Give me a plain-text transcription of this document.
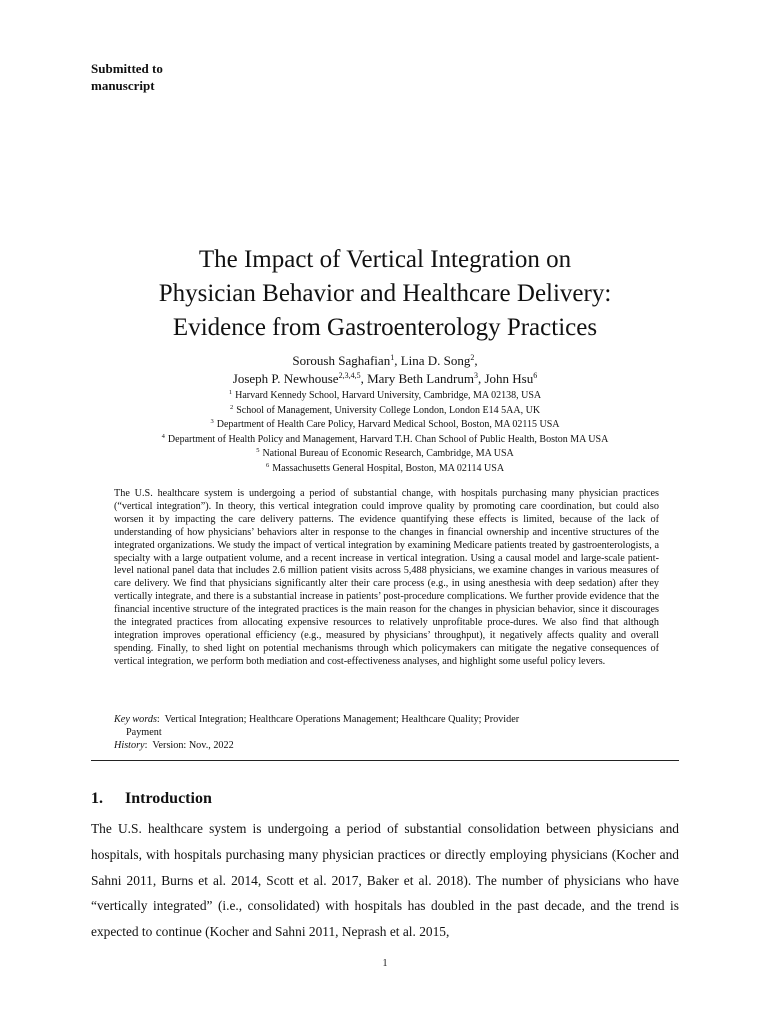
Submitted to
manuscript
The Impact of Vertical Integration on
Physician Behavior and Healthcare Delivery:
Evidence from Gastroenterology Practices
Soroush Saghafian$^1$, Lina D. Song$^2$,
Joseph P. Newhouse$^{2,3,4,5}$, Mary Beth Landrum$^3$, John Hsu$^6$
$^1$ Harvard Kennedy School, Harvard University, Cambridge, MA 02138, USA
$^2$ School of Management, University College London, London E14 5AA, UK
$^3$ Department of Health Care Policy, Harvard Medical School, Boston, MA 02115 USA
$^4$ Department of Health Policy and Management, Harvard T.H. Chan School of Public Health, Boston MA USA
$^5$ National Bureau of Economic Research, Cambridge, MA USA
$^6$ Massachusetts General Hospital, Boston, MA 02114 USA

The U.S. healthcare system is undergoing a period of substantial change, with hospitals purchasing many physician practices (“vertical integration”). In theory, this vertical integration could improve quality by promoting care coordination, but could also worsen it by impacting the care delivery patterns. The evidence quantifying these effects is limited, because of the lack of understanding of how physicians’ behaviors alter in response to the changes in financial ownership and incentive structures of the integrated organizations. We study the impact of vertical integration by examining Medicare patients treated by gastroenterologists, a specialty with a large outpatient volume, and a recent increase in vertical integration. Using a causal model and large-scale patient-level national panel data that includes 2.6 million patient visits across 5,488 physicians, we examine changes in various measures of care delivery. We find that physicians significantly alter their care process (e.g., in using anesthesia with deep sedation) after they vertically integrate, and there is a substantial increase in patients’ post-procedure complications. We further provide evidence that the financial incentive structure of the integrated practices is the main reason for the changes in physician behavior, since it discourages the integrated practices from allocating expensive resources to relatively unprofitable proce-dures. We also find that although integration improves operational efficiency (e.g., measured by physicians’ throughput), it negatively affects quality and overall spending. Finally, to shed light on potential mechanisms through which policymakers can mitigate the negative consequences of vertical integration, we perform both mediation and cost-effectiveness analyses, and highlight some useful policy levers.

Key words:  Vertical Integration; Healthcare Operations Management; Healthcare Quality; Provider
Payment
History:  Version: Nov., 2022
1. Introduction

The U.S. healthcare system is undergoing a period of substantial consolidation between physicians and hospitals, with hospitals purchasing many physician practices or directly employing physicians (Kocher and Sahni 2011, Burns et al. 2014, Scott et al. 2017, Baker et al. 2018). The number of physicians who have “vertically integrated” (i.e., consolidated) with hospitals has doubled in the past decade, and the trend is expected to continue (Kocher and Sahni 2011, Neprash et al. 2015,

1
